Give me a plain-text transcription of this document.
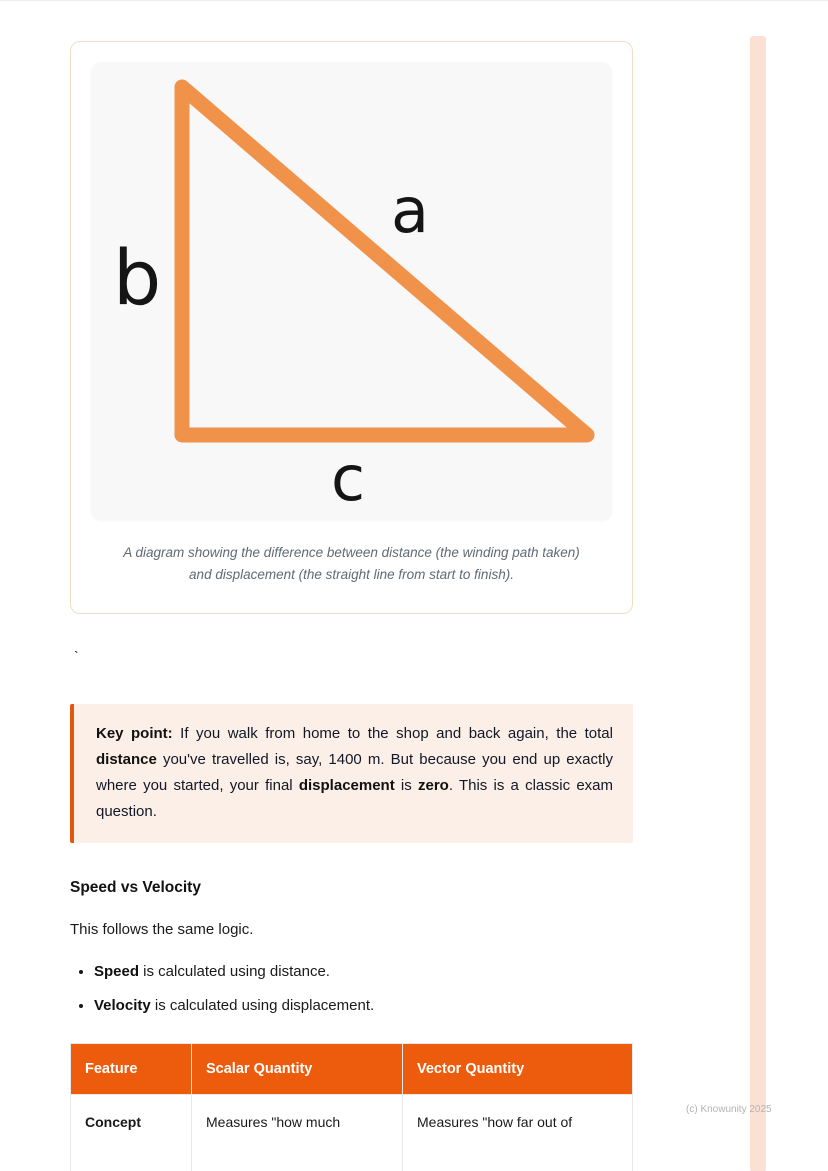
b
a
c
A diagram showing the difference between distance (the winding path taken) and displacement (the straight line from start to finish).

`

Key point: If you walk from home to the shop and back again, the total distance you've travelled is, say, 1400 m. But because you end up exactly where you started, your final displacement is zero. This is a classic exam question.

Speed vs Velocity

This follows the same logic.

• Speed is calculated using distance.
• Velocity is calculated using displacement.
Feature	Scalar Quantity	Vector Quantity
Concept	Measures "how much	Measures "how far out of
(c) Knowunity 2025
